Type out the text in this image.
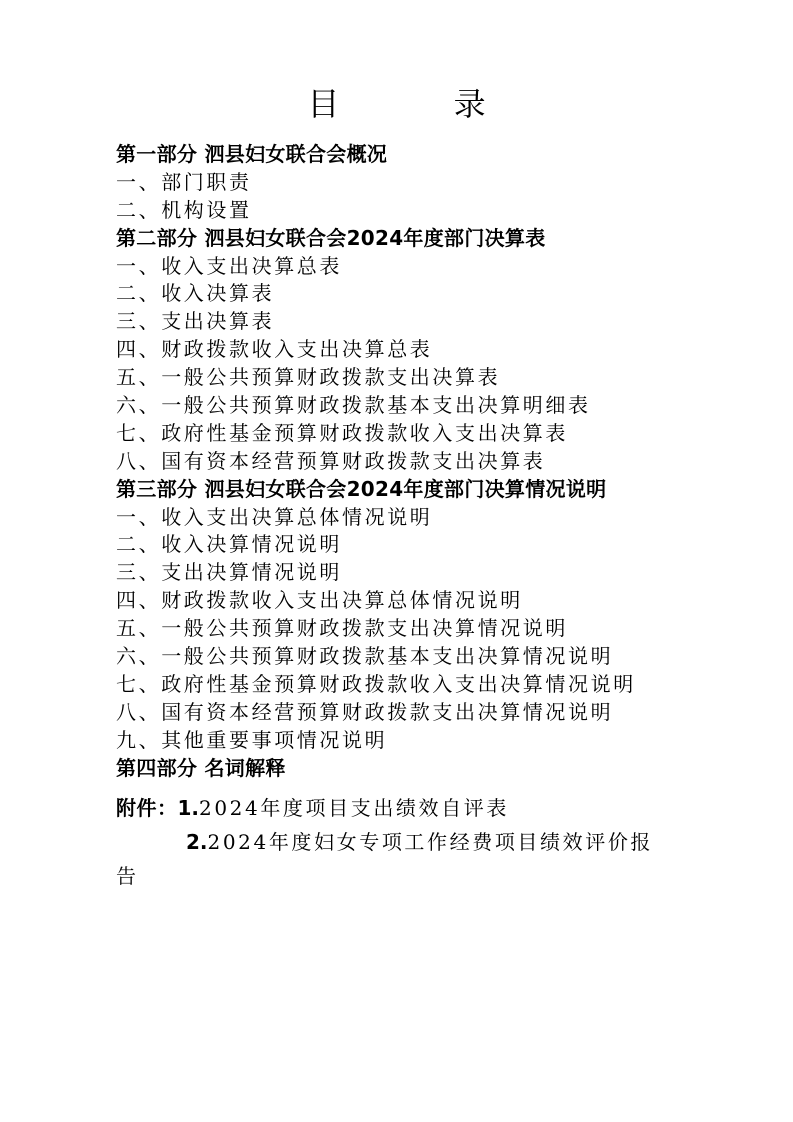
目 录
第一部分 泗县妇女联合会概况
一、部门职责
二、机构设置
第二部分 泗县妇女联合会2024年度部门决算表
一、收入支出决算总表
二、收入决算表
三、支出决算表
四、财政拨款收入支出决算总表
五、一般公共预算财政拨款支出决算表
六、一般公共预算财政拨款基本支出决算明细表
七、政府性基金预算财政拨款收入支出决算表
八、国有资本经营预算财政拨款支出决算表
第三部分 泗县妇女联合会2024年度部门决算情况说明
一、收入支出决算总体情况说明
二、收入决算情况说明
三、支出决算情况说明
四、财政拨款收入支出决算总体情况说明
五、一般公共预算财政拨款支出决算情况说明
六、一般公共预算财政拨款基本支出决算情况说明
七、政府性基金预算财政拨款收入支出决算情况说明
八、国有资本经营预算财政拨款支出决算情况说明
九、其他重要事项情况说明
第四部分 名词解释
附件：1.2024年度项目支出绩效自评表
2.2024年度妇女专项工作经费项目绩效评价报
告
